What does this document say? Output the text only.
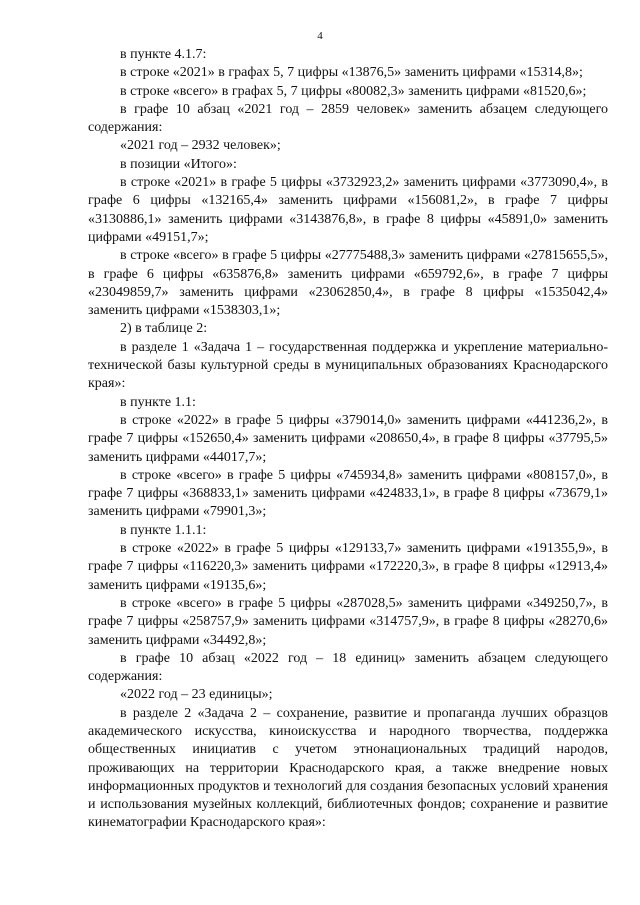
4

в пункте 4.1.7:

в строке «2021» в графах 5, 7 цифры «13876,5» заменить цифрами «15314,8»;

в строке «всего» в графах 5, 7 цифры «80082,3» заменить цифрами «81520,6»;

в графе 10 абзац «2021 год – 2859 человек» заменить абзацем следующего содержания:

«2021 год – 2932 человек»;

в позиции «Итого»:

в строке «2021» в графе 5 цифры «3732923,2» заменить цифрами «3773090,4», в графе 6 цифры «132165,4» заменить цифрами «156081,2», в графе 7 цифры «3130886,1» заменить цифрами «3143876,8», в графе 8 цифры «45891,0» заменить цифрами «49151,7»;

в строке «всего» в графе 5 цифры «27775488,3» заменить цифрами «27815655,5», в графе 6 цифры «635876,8» заменить цифрами «659792,6», в графе 7 цифры «23049859,7» заменить цифрами «23062850,4», в графе 8 цифры «1535042,4» заменить цифрами «1538303,1»;

2) в таблице 2:

в разделе 1 «Задача 1 – государственная поддержка и укрепление материально-технической базы культурной среды в муниципальных образованиях Краснодарского края»:

в пункте 1.1:

в строке «2022» в графе 5 цифры «379014,0» заменить цифрами «441236,2», в графе 7 цифры «152650,4» заменить цифрами «208650,4», в графе 8 цифры «37795,5» заменить цифрами «44017,7»;

в строке «всего» в графе 5 цифры «745934,8» заменить цифрами «808157,0», в графе 7 цифры «368833,1» заменить цифрами «424833,1», в графе 8 цифры «73679,1» заменить цифрами «79901,3»;

в пункте 1.1.1:

в строке «2022» в графе 5 цифры «129133,7» заменить цифрами «191355,9», в графе 7 цифры «116220,3» заменить цифрами «172220,3», в графе 8 цифры «12913,4» заменить цифрами «19135,6»;

в строке «всего» в графе 5 цифры «287028,5» заменить цифрами «349250,7», в графе 7 цифры «258757,9» заменить цифрами «314757,9», в графе 8 цифры «28270,6» заменить цифрами «34492,8»;

в графе 10 абзац «2022 год – 18 единиц» заменить абзацем следующего содержания:

«2022 год – 23 единицы»;

в разделе 2 «Задача 2 – сохранение, развитие и пропаганда лучших образцов академического искусства, киноискусства и народного творчества, поддержка общественных инициатив с учетом этнонациональных традиций народов, проживающих на территории Краснодарского края, а также внедрение новых информационных продуктов и технологий для создания безопасных условий хранения и использования музейных коллекций, библиотечных фондов; сохранение и развитие кинематографии Краснодарского края»:
